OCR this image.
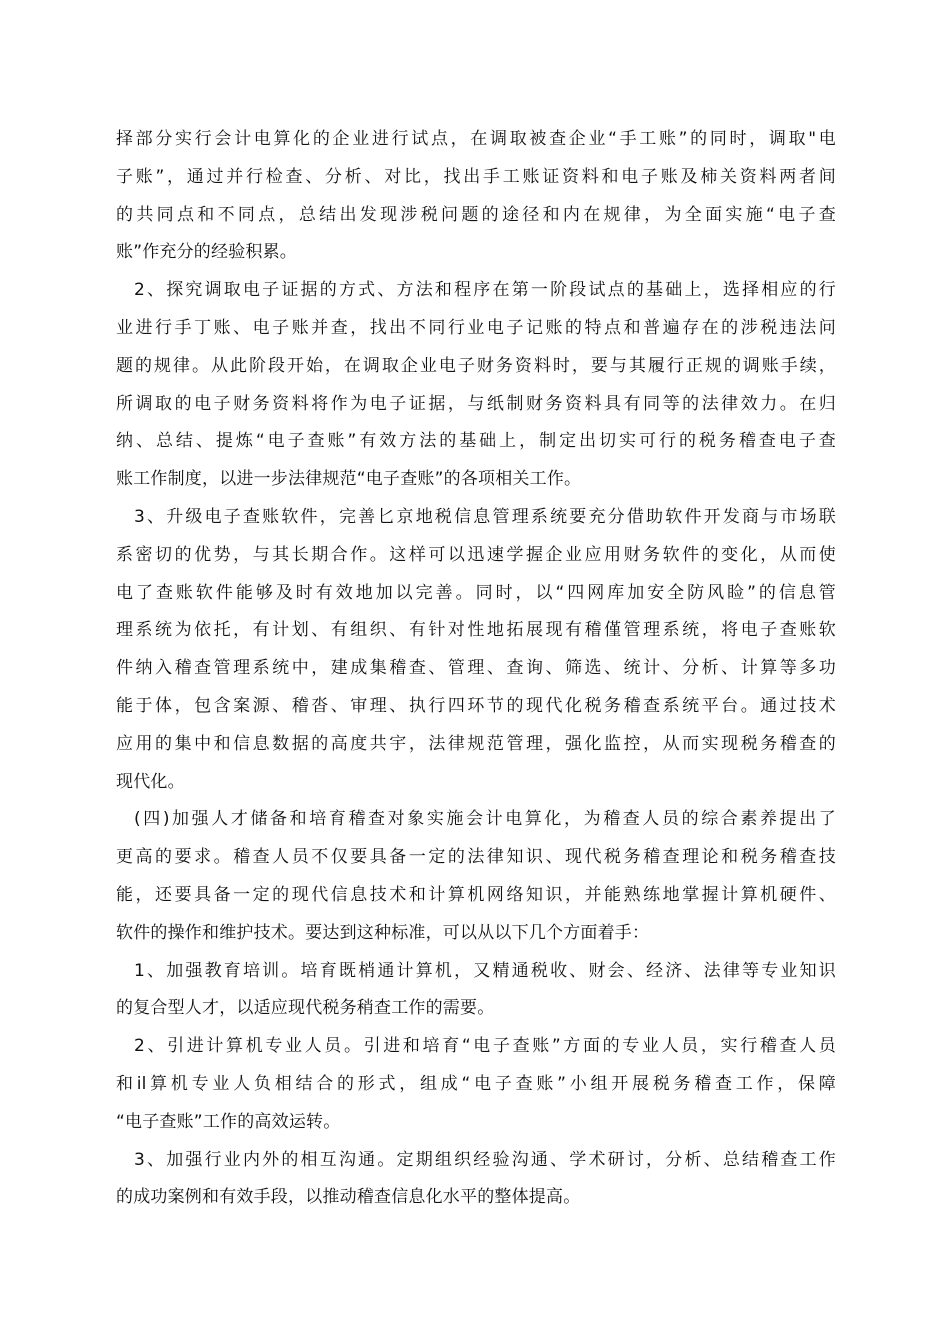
择部分实行会计电算化的企业进行试点，在调取被查企业“手工账”的同时，调取"电
子账”，通过并行检查、分析、对比，找出手工账证资料和电子账及柿关资料两者间
的共同点和不同点，总结出发现涉税问题的途径和内在规律，为全面实施“电子查
账”作充分的经验积累。
2、探究调取电子证据的方式、方法和程序在第一阶段试点的基础上，选择相应的行
业进行手丁账、电子账并查，找出不同行业电子记账的特点和普遍存在的涉税违法问
题的规律。从此阶段开始，在调取企业电子财务资料时，要与其履行正规的调账手续，
所调取的电子财务资料将作为电子证据，与纸制财务资料具有同等的法律效力。在归
纳、总结、提炼“电子查账”有效方法的基础上，制定出切实可行的税务稽查电子查
账工作制度，以进一步法律规范“电子查账”的各项相关工作。
3、升级电子查账软件，完善匕京地税信息管理系统要充分借助软件开发商与市场联
系密切的优势，与其长期合作。这样可以迅速学握企业应用财务软件的变化，从而使
电了查账软件能够及时有效地加以完善。同时，以“四网库加安全防风睑”的信息管
理系统为依托，有计划、有组织、有针对性地拓展现有稽僅管理系统，将电子查账软
件纳入稽查管理系统中，建成集稽查、管理、查询、筛选、统计、分析、计算等多功
能于体，包含案源、稽沓、审理、执行四环节的现代化税务稽查系统平台。通过技术
应用的集中和信息数据的高度共宇，法律规范管理，强化监控，从而实现税务稽查的
现代化。
(四)加强人才储备和培育稽查对象实施会计电算化，为稽查人员的综合素养提出了
更高的要求。稽查人员不仅要具备一定的法律知识、现代税务稽查理论和税务稽查技
能，还要具备一定的现代信息技术和计算机网络知识，并能熟练地掌握计算机硬件、
软件的操作和维护技术。要达到这种标准，可以从以下几个方面着手：
1、加强教育培训。培育既梢通计算机，又精通税收、财会、经济、法律等专业知识
的复合型人才，以适应现代税务稍查工作的需要。
2、引进计算机专业人员。引进和培育“电子查账”方面的专业人员，实行稽查人员
和il算机专业人负相结合的形式，组成“电子查账”小组开展税务稽查工作，保障
“电子查账”工作的高效运转。
3、加强行业内外的相互沟通。定期组织经验沟通、学术研讨，分析、总结稽查工作
的成功案例和有效手段，以推动稽查信息化水平的整体提高。
